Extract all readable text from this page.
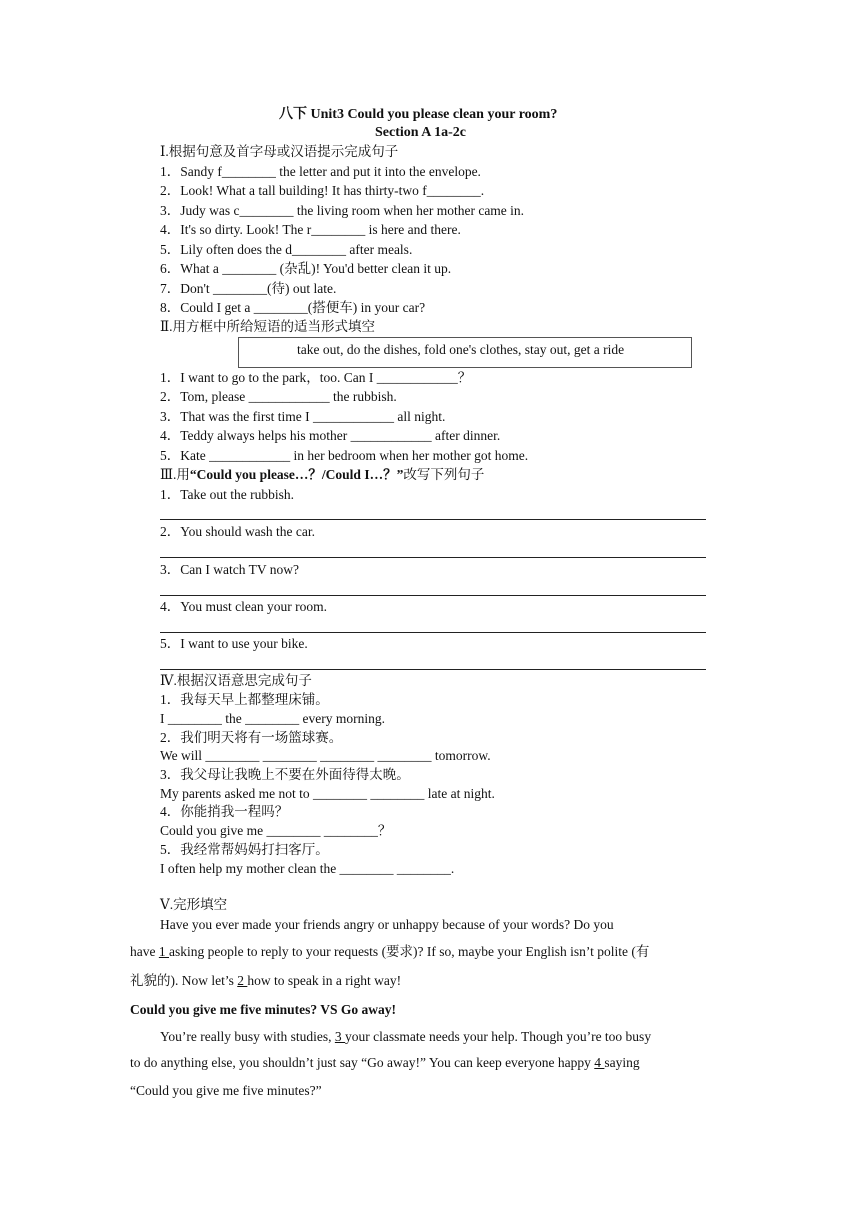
八下 Unit3 Could you please clean your room?
Section A 1a-2c
Ⅰ.根据句意及首字母或汉语提示完成句子
1．Sandy f________ the letter and put it into the envelope.
2．Look! What a tall building! It has thirty-two f________.
3．Judy was c________ the living room when her mother came in.
4．It's so dirty. Look! The r________ is here and there.
5．Lily often does the d________ after meals.
6．What a ________ (杂乱)! You'd better clean it up.
7．Don't ________(待) out late.
8．Could I get a ________(搭便车) in your car?
Ⅱ.用方框中所给短语的适当形式填空
take out, do the dishes, fold one's clothes, stay out, get a ride
1．I want to go to the park，too. Can I ____________？
2．Tom, please ____________ the rubbish.
3．That was the first time I ____________ all night.
4．Teddy always helps his mother ____________ after dinner.
5．Kate ____________ in her bedroom when her mother got home.
Ⅲ.用“Could you please…？/Could I…？”改写下列句子
1．Take out the rubbish.
2．You should wash the car.
3．Can I watch TV now?
4．You must clean your room.
5．I want to use your bike.
Ⅳ.根据汉语意思完成句子
1．我每天早上都整理床铺。
I ________ the ________ every morning.
2．我们明天将有一场篮球赛。
We will ________ ________ ________ ________ tomorrow.
3．我父母让我晚上不要在外面待得太晚。
My parents asked me not to ________ ________ late at night.
4．你能捎我一程吗？
Could you give me ________ ________？
5．我经常帮妈妈打扫客厅。
I often help my mother clean the ________ ________.
Ⅴ.完形填空
Have you ever made your friends angry or unhappy because of your words? Do you
have 1 asking people to reply to your requests (要求)? If so, maybe your English isn’t polite (有
礼貌的). Now let’s 2 how to speak in a right way!
Could you give me five minutes? VS Go away!
You’re really busy with studies, 3 your classmate needs your help. Though you’re too busy
to do anything else, you shouldn’t just say “Go away!” You can keep everyone happy 4 saying
“Could you give me five minutes?”
